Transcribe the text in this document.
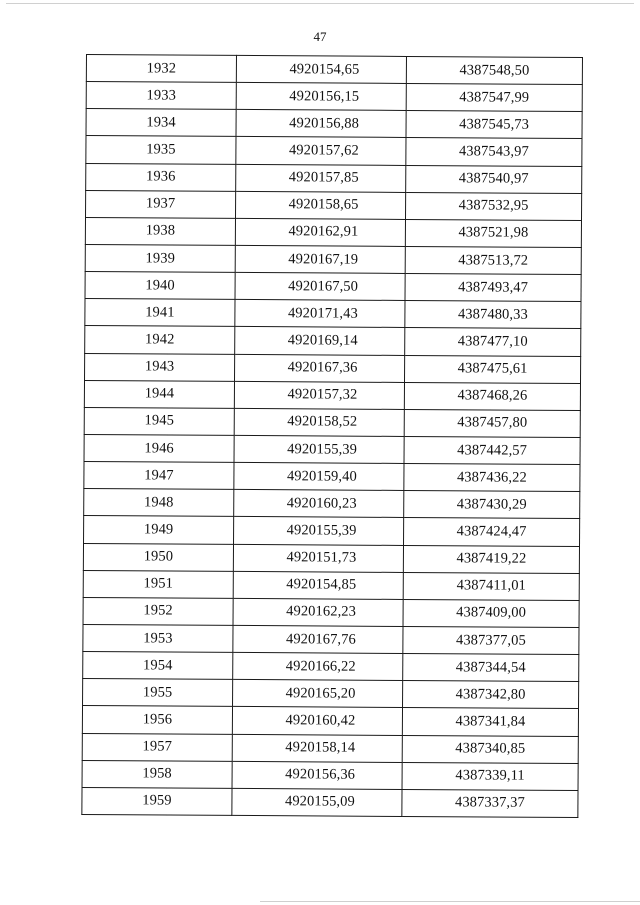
47
1932	4920154,65	4387548,50
1933	4920156,15	4387547,99
1934	4920156,88	4387545,73
1935	4920157,62	4387543,97
1936	4920157,85	4387540,97
1937	4920158,65	4387532,95
1938	4920162,91	4387521,98
1939	4920167,19	4387513,72
1940	4920167,50	4387493,47
1941	4920171,43	4387480,33
1942	4920169,14	4387477,10
1943	4920167,36	4387475,61
1944	4920157,32	4387468,26
1945	4920158,52	4387457,80
1946	4920155,39	4387442,57
1947	4920159,40	4387436,22
1948	4920160,23	4387430,29
1949	4920155,39	4387424,47
1950	4920151,73	4387419,22
1951	4920154,85	4387411,01
1952	4920162,23	4387409,00
1953	4920167,76	4387377,05
1954	4920166,22	4387344,54
1955	4920165,20	4387342,80
1956	4920160,42	4387341,84
1957	4920158,14	4387340,85
1958	4920156,36	4387339,11
1959	4920155,09	4387337,37
